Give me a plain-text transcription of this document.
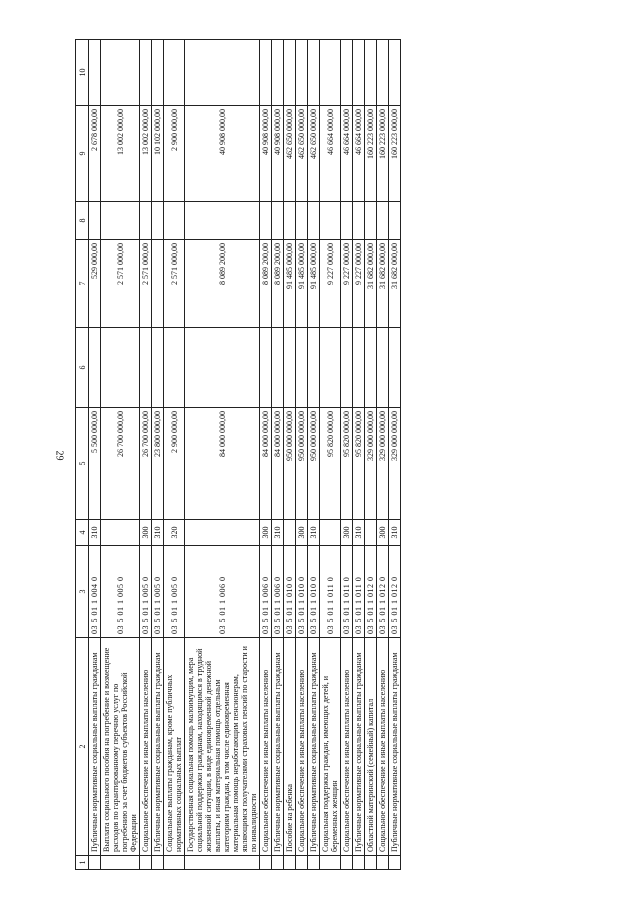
29
1	2	3	4	5	6	7	8	9	10
	Публичные нормативные социальные выплаты гражданам	03 5 01 1 004 0	310	5 500 000,00		529 000,00		2 678 000,00	
	Выплата социального пособия на погребение и возмещение расходов по гарантированному перечню услуг по погребению за счет бюджетов субъектов Российской Федерации	03 5 01 1 005 0		26 700 000,00		2 571 000,00		13 002 000,00	
	Социальное обеспечение и иные выплаты населению	03 5 01 1 005 0	300	26 700 000,00		2 571 000,00		13 002 000,00	
	Публичные нормативные социальные выплаты гражданам	03 5 01 1 005 0	310	23 800 000,00				10 102 000,00	
	Социальные выплаты гражданам, кроме публичных нормативных социальных выплат	03 5 01 1 005 0	320	2 900 000,00		2 571 000,00		2 900 000,00	
	Государственная социальная помощь малоимущим, мера социальной поддержки гражданам, находящимся в трудной жизненной ситуации, в виде единовременной денежной выплаты, и иная материальная помощь отдельным категориям граждан, в том числе единовременная материальная помощь неработающим пенсионерам, являющимся получателями страховых пенсий по старости и по инвалидности	03 5 01 1 006 0		84 000 000,00		8 089 200,00		40 908 000,00	
	Социальное обеспечение и иные выплаты населению	03 5 01 1 006 0	300	84 000 000,00		8 089 200,00		40 908 000,00	
	Публичные нормативные социальные выплаты гражданам	03 5 01 1 006 0	310	84 000 000,00		8 089 200,00		40 908 000,00	
	Пособие на ребенка	03 5 01 1 010 0		950 000 000,00		91 485 000,00		462 650 000,00	
	Социальное обеспечение и иные выплаты населению	03 5 01 1 010 0	300	950 000 000,00		91 485 000,00		462 650 000,00	
	Публичные нормативные социальные выплаты гражданам	03 5 01 1 010 0	310	950 000 000,00		91 485 000,00		462 650 000,00	
	Социальная поддержка граждан, имеющих детей, и беременных женщин	03 5 01 1 011 0		95 820 000,00		9 227 000,00		46 664 000,00	
	Социальное обеспечение и иные выплаты населению	03 5 01 1 011 0	300	95 820 000,00		9 227 000,00		46 664 000,00	
	Публичные нормативные социальные выплаты гражданам	03 5 01 1 011 0	310	95 820 000,00		9 227 000,00		46 664 000,00	
	Областной материнский (семейный) капитал	03 5 01 1 012 0		329 000 000,00		31 682 000,00		160 223 000,00	
	Социальное обеспечение и иные выплаты населению	03 5 01 1 012 0	300	329 000 000,00		31 682 000,00		160 223 000,00	
	Публичные нормативные социальные выплаты гражданам	03 5 01 1 012 0	310	329 000 000,00		31 682 000,00		160 223 000,00	
